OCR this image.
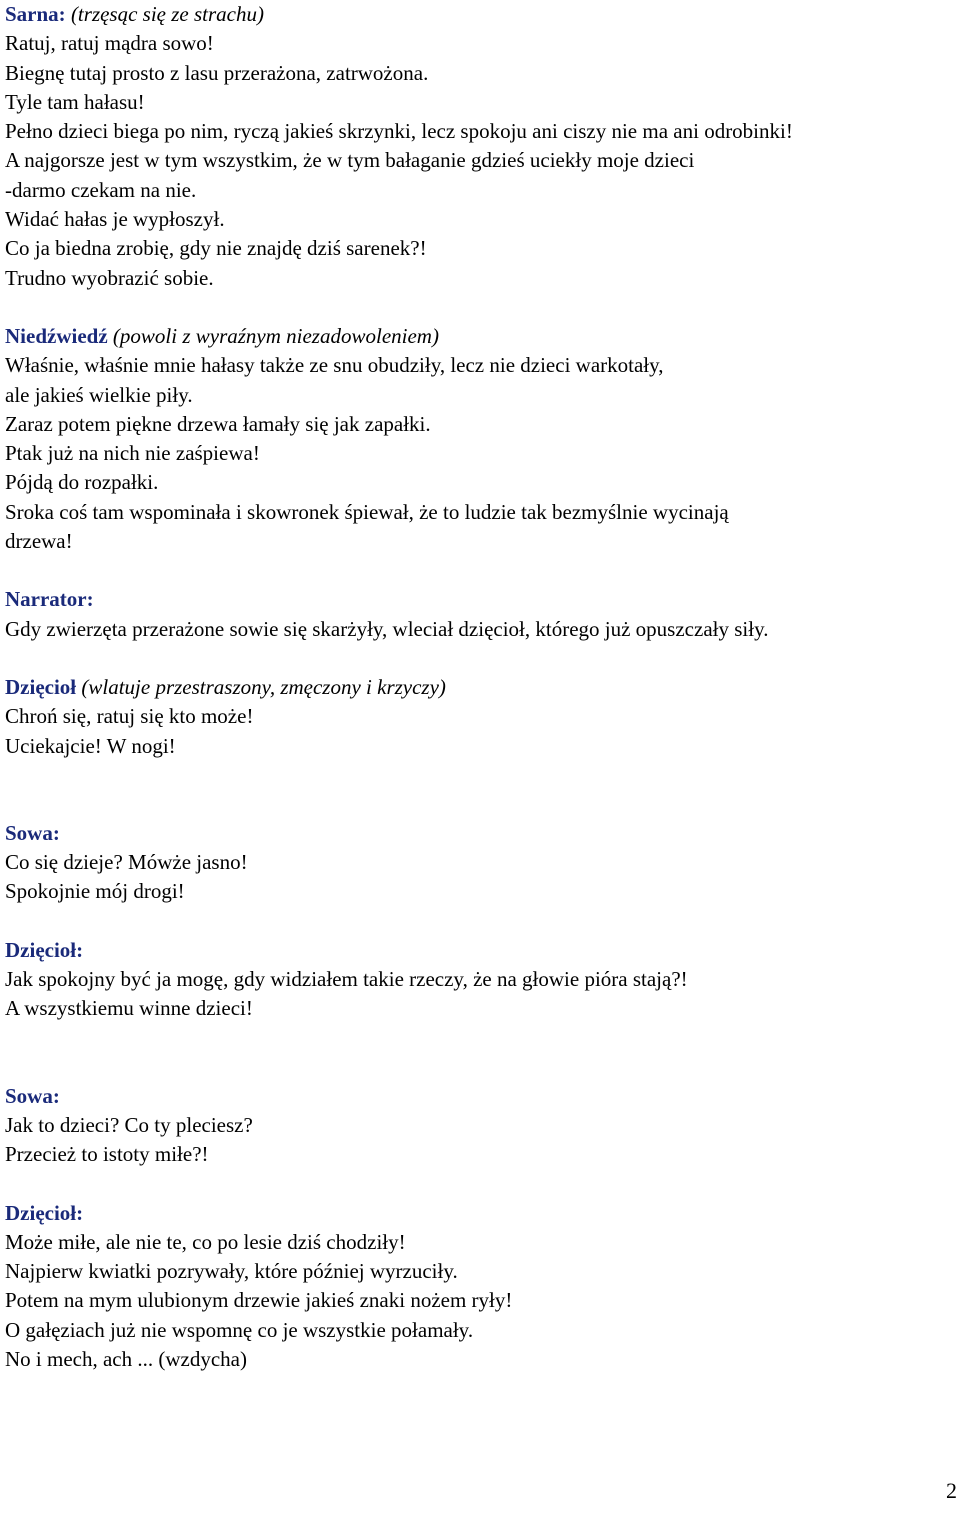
Sarna: (trzęsąc się ze strachu)
Ratuj, ratuj mądra sowo!
Biegnę tutaj prosto z lasu przerażona, zatrwożona.
Tyle tam hałasu!
Pełno dzieci biega po nim, ryczą jakieś skrzynki, lecz spokoju ani ciszy nie ma ani odrobinki!
A najgorsze jest w tym wszystkim, że w tym bałaganie gdzieś uciekły moje dzieci
-darmo czekam na nie.
Widać hałas je wypłoszył.
Co ja biedna zrobię, gdy nie znajdę dziś sarenek?!
Trudno wyobrazić sobie.
Niedźwiedź (powoli z wyraźnym niezadowoleniem)
Właśnie, właśnie mnie hałasy także ze snu obudziły, lecz nie dzieci warkotały,
ale jakieś wielkie piły.
Zaraz potem piękne drzewa łamały się jak zapałki.
Ptak już na nich nie zaśpiewa!
Pójdą do rozpałki.
Sroka coś tam wspominała i skowronek śpiewał, że to ludzie tak bezmyślnie wycinają
drzewa!
Narrator:
Gdy zwierzęta przerażone sowie się skarżyły, wleciał dzięcioł, którego już opuszczały siły.
Dzięcioł (wlatuje przestraszony, zmęczony i krzyczy)
Chroń się, ratuj się kto może!
Uciekajcie! W nogi!
Sowa:
Co się dzieje? Mówże jasno!
Spokojnie mój drogi!
Dzięcioł:
Jak spokojny być ja mogę, gdy widziałem takie rzeczy, że na głowie pióra stają?!
A wszystkiemu winne dzieci!
Sowa:
Jak to dzieci? Co ty pleciesz?
Przecież to istoty miłe?!
Dzięcioł:
Może miłe, ale nie te, co po lesie dziś chodziły!
Najpierw kwiatki pozrywały, które później wyrzuciły.
Potem na mym ulubionym drzewie jakieś znaki nożem ryły!
O gałęziach już nie wspomnę co je wszystkie połamały.
No i mech, ach ... (wzdycha)
2
